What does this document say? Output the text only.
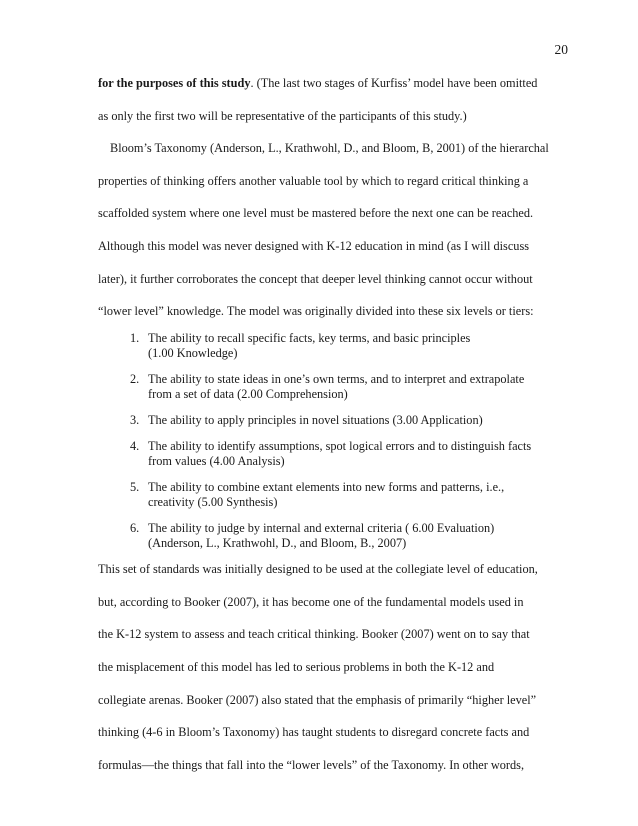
20
for the purposes of this study. (The last two stages of Kurfiss’ model have been omitted
as only the first two will be representative of the participants of this study.)
Bloom’s Taxonomy (Anderson, L., Krathwohl, D., and Bloom, B, 2001) of the hierarchal
properties of thinking offers another valuable tool by which to regard critical thinking a
scaffolded system where one level must be mastered before the next one can be reached.
Although this model was never designed with K-12 education in mind (as I will discuss
later), it further corroborates the concept that deeper level thinking cannot occur without
“lower level” knowledge. The model was originally divided into these six levels or tiers:
1. The ability to recall specific facts, key terms, and basic principles
(1.00 Knowledge)
2. The ability to state ideas in one’s own terms, and to interpret and extrapolate
from a set of data (2.00 Comprehension)
3. The ability to apply principles in novel situations (3.00 Application)
4. The ability to identify assumptions, spot logical errors and to distinguish facts
from values (4.00 Analysis)
5. The ability to combine extant elements into new forms and patterns, i.e.,
creativity (5.00 Synthesis)
6. The ability to judge by internal and external criteria ( 6.00 Evaluation)
(Anderson, L., Krathwohl, D., and Bloom, B., 2007)
This set of standards was initially designed to be used at the collegiate level of education,
but, according to Booker (2007), it has become one of the fundamental models used in
the K-12 system to assess and teach critical thinking. Booker (2007) went on to say that
the misplacement of this model has led to serious problems in both the K-12 and
collegiate arenas. Booker (2007) also stated that the emphasis of primarily “higher level”
thinking (4-6 in Bloom’s Taxonomy) has taught students to disregard concrete facts and
formulas—the things that fall into the “lower levels” of the Taxonomy. In other words,
